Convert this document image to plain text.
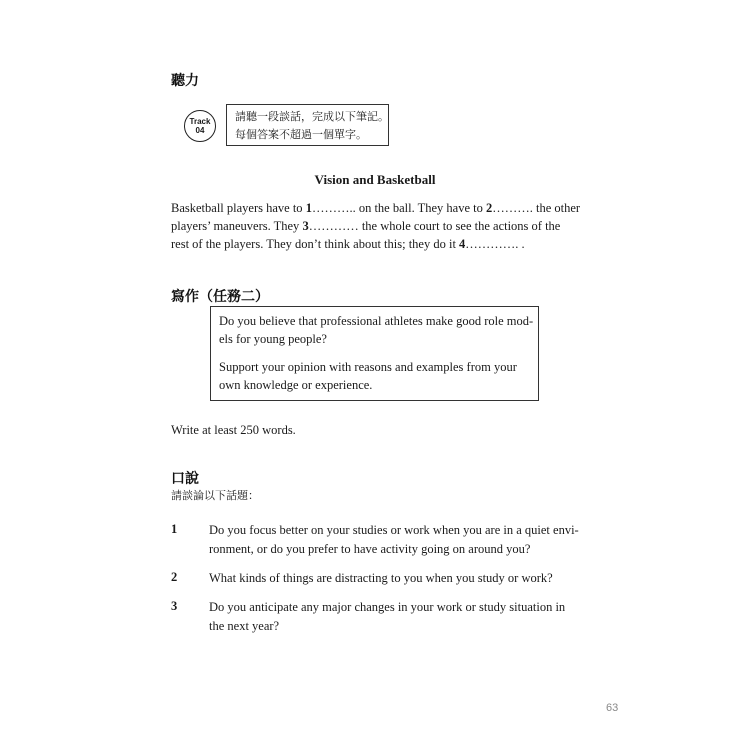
聽力
Track
04
請聽一段談話，完成以下筆記。
每個答案不超過一個單字。
Vision and Basketball
Basketball players have to 1……….. on the ball. They have to 2………. the other
players’ maneuvers. They 3………… the whole court to see the actions of the
rest of the players. They don’t think about this; they do it 4…………. .
寫作（任務二）
Do you believe that professional athletes make good role mod-
els for young people?
Support your opinion with reasons and examples from your
own knowledge or experience.
Write at least 250 words.
口說
請談論以下話題：
1	Do you focus better on your studies or work when you are in a quiet envi-
ronment, or do you prefer to have activity going on around you?
2	What kinds of things are distracting to you when you study or work?
3	Do you anticipate any major changes in your work or study situation in
the next year?
63
